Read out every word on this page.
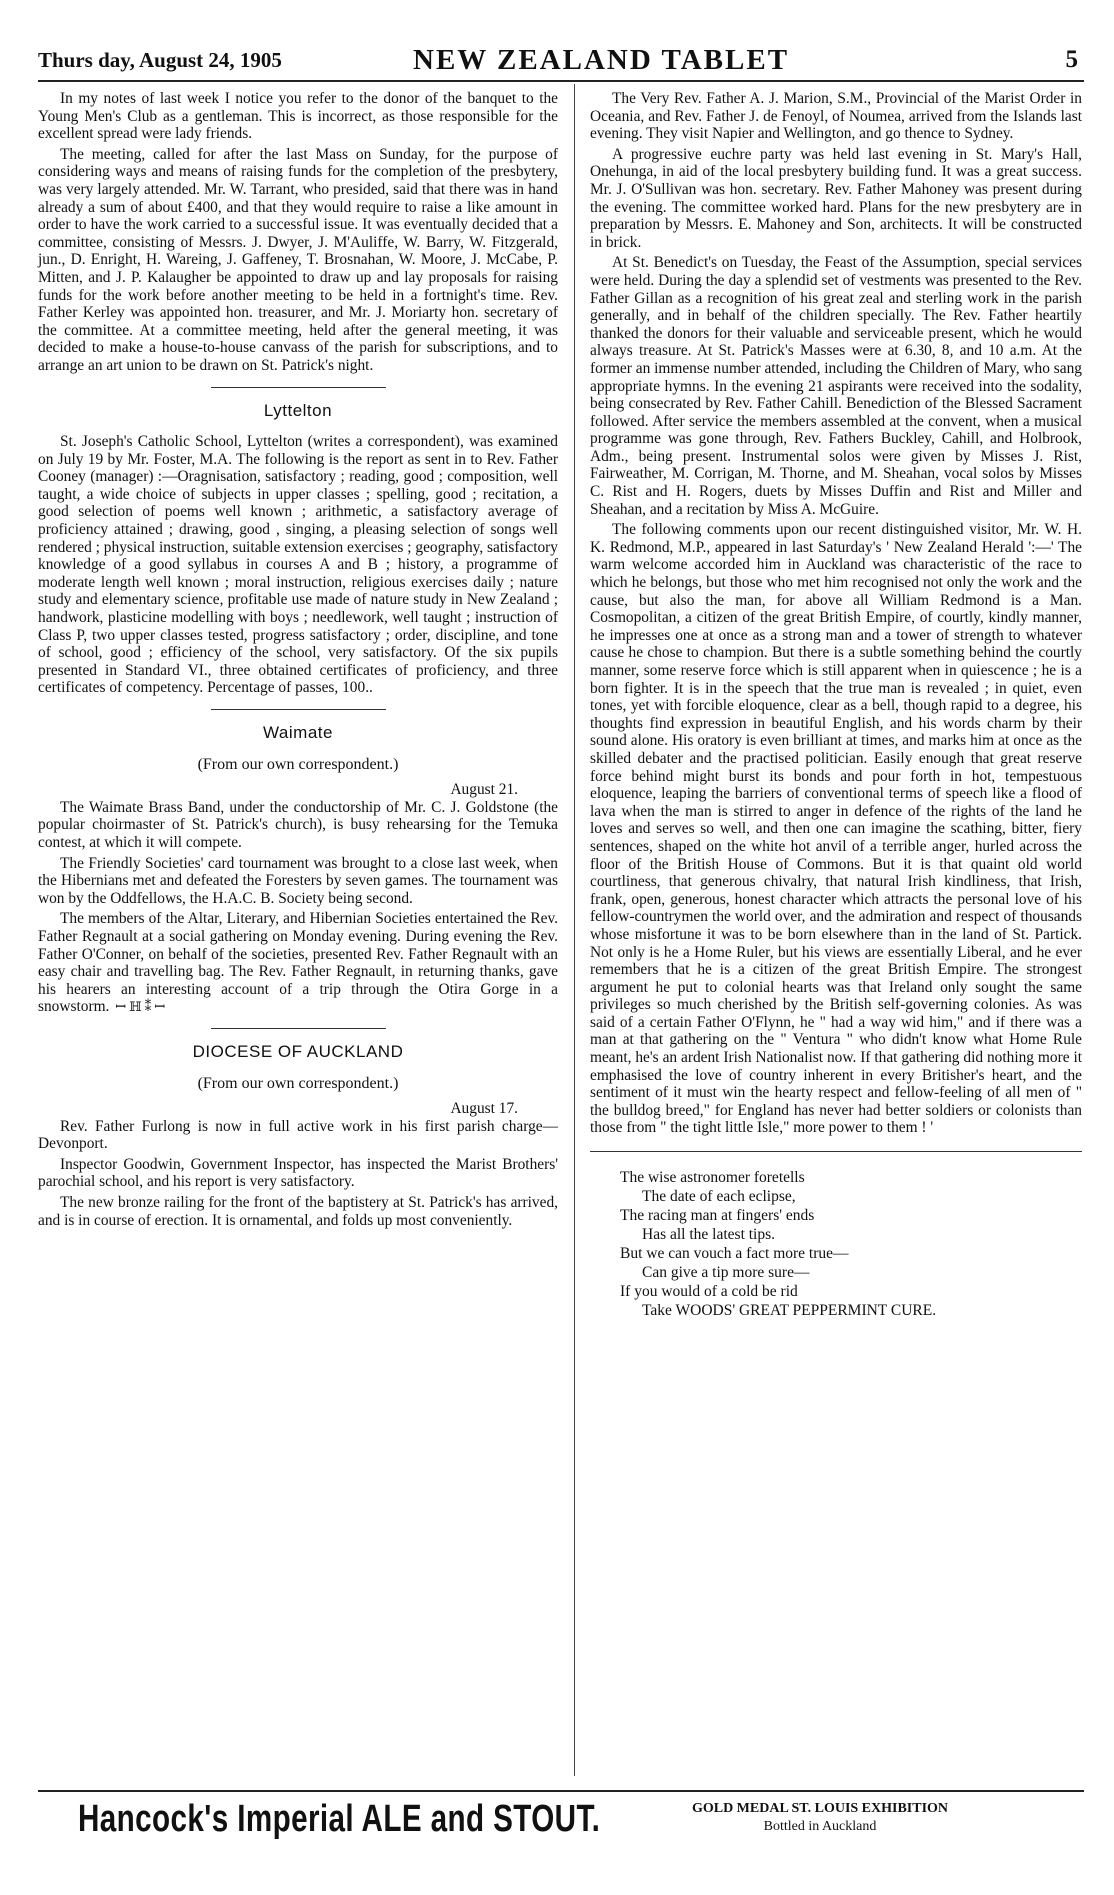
Thurs day, August 24, 1905	NEW ZEALAND TABLET	5

In my notes of last week I notice you refer to the donor of the banquet to the Young Men's Club as a gentleman. This is incorrect, as those responsible for the excellent spread were lady friends.

The meeting, called for after the last Mass on Sunday, for the purpose of considering ways and means of raising funds for the completion of the presbytery, was very largely attended. Mr. W. Tarrant, who presided, said that there was in hand already a sum of about £400, and that they would require to raise a like amount in order to have the work carried to a successful issue. It was eventually decided that a committee, consisting of Messrs. J. Dwyer, J. M'Auliffe, W. Barry, W. Fitzgerald, jun., D. Enright, H. Wareing, J. Gaffeney, T. Brosnahan, W. Moore, J. McCabe, P. Mitten, and J. P. Kalaugher be appointed to draw up and lay proposals for raising funds for the work before another meeting to be held in a fortnight's time. Rev. Father Kerley was appointed hon. treasurer, and Mr. J. Moriarty hon. secretary of the committee. At a committee meeting, held after the general meeting, it was decided to make a house-to-house canvass of the parish for subscriptions, and to arrange an art union to be drawn on St. Patrick's night.

Lyttelton

St. Joseph's Catholic School, Lyttelton (writes a correspondent), was examined on July 19 by Mr. Foster, M.A. The following is the report as sent in to Rev. Father Cooney (manager) :—Oragnisation, satisfactory ; reading, good ; composition, well taught, a wide choice of subjects in upper classes ; spelling, good ; recitation, a good selection of poems well known ; arithmetic, a satisfactory average of proficiency attained ; drawing, good , singing, a pleasing selection of songs well rendered ; physical instruction, suitable extension exercises ; geography, satisfactory knowledge of a good syllabus in courses A and B ; history, a programme of moderate length well known ; moral instruction, religious exercises daily ; nature study and elementary science, profitable use made of nature study in New Zealand ; handwork, plasticine modelling with boys ; needlework, well taught ; instruction of Class P, two upper classes tested, progress satisfactory ; order, discipline, and tone of school, good ; efficiency of the school, very satisfactory. Of the six pupils presented in Standard VI., three obtained certificates of proficiency, and three certificates of competency. Percentage of passes, 100..

Waimate
(From our own correspondent.)
August 21.

The Waimate Brass Band, under the conductorship of Mr. C. J. Goldstone (the popular choirmaster of St. Patrick's church), is busy rehearsing for the Temuka contest, at which it will compete.

The Friendly Societies' card tournament was brought to a close last week, when the Hibernians met and defeated the Foresters by seven games. The tournament was won by the Oddfellows, the H.A.C. B. Society being second.

The members of the Altar, Literary, and Hibernian Societies entertained the Rev. Father Regnault at a social gathering on Monday evening. During evening the Rev. Father O'Conner, on behalf of the societies, presented Rev. Father Regnault with an easy chair and travelling bag. The Rev. Father Regnault, in returning thanks, gave his hearers an interesting account of a trip through the Otira Gorge in a snowstorm. ꟷ ℍ ⁑ ꟷ

DIOCESE OF AUCKLAND
(From our own correspondent.)
August 17.

Rev. Father Furlong is now in full active work in his first parish charge—Devonport.

Inspector Goodwin, Government Inspector, has inspected the Marist Brothers' parochial school, and his report is very satisfactory.

The new bronze railing for the front of the baptistery at St. Patrick's has arrived, and is in course of erection. It is ornamental, and folds up most conveniently.

The Very Rev. Father A. J. Marion, S.M., Provincial of the Marist Order in Oceania, and Rev. Father J. de Fenoyl, of Noumea, arrived from the Islands last evening. They visit Napier and Wellington, and go thence to Sydney.

A progressive euchre party was held last evening in St. Mary's Hall, Onehunga, in aid of the local presbytery building fund. It was a great success. Mr. J. O'Sullivan was hon. secretary. Rev. Father Mahoney was present during the evening. The committee worked hard. Plans for the new presbytery are in preparation by Messrs. E. Mahoney and Son, architects. It will be constructed in brick.

At St. Benedict's on Tuesday, the Feast of the Assumption, special services were held. During the day a splendid set of vestments was presented to the Rev. Father Gillan as a recognition of his great zeal and sterling work in the parish generally, and in behalf of the children specially. The Rev. Father heartily thanked the donors for their valuable and serviceable present, which he would always treasure. At St. Patrick's Masses were at 6.30, 8, and 10 a.m. At the former an immense number attended, including the Children of Mary, who sang appropriate hymns. In the evening 21 aspirants were received into the sodality, being consecrated by Rev. Father Cahill. Benediction of the Blessed Sacrament followed. After service the members assembled at the convent, when a musical programme was gone through, Rev. Fathers Buckley, Cahill, and Holbrook, Adm., being present. Instrumental solos were given by Misses J. Rist, Fairweather, M. Corrigan, M. Thorne, and M. Sheahan, vocal solos by Misses C. Rist and H. Rogers, duets by Misses Duffin and Rist and Miller and Sheahan, and a recitation by Miss A. McGuire.

The following comments upon our recent distinguished visitor, Mr. W. H. K. Redmond, M.P., appeared in last Saturday's ' New Zealand Herald ':—' The warm welcome accorded him in Auckland was characteristic of the race to which he belongs, but those who met him recognised not only the work and the cause, but also the man, for above all William Redmond is a Man. Cosmopolitan, a citizen of the great British Empire, of courtly, kindly manner, he impresses one at once as a strong man and a tower of strength to whatever cause he chose to champion. But there is a subtle something behind the courtly manner, some reserve force which is still apparent when in quiescence ; he is a born fighter. It is in the speech that the true man is revealed ; in quiet, even tones, yet with forcible eloquence, clear as a bell, though rapid to a degree, his thoughts find expression in beautiful English, and his words charm by their sound alone. His oratory is even brilliant at times, and marks him at once as the skilled debater and the practised politician. Easily enough that great reserve force behind might burst its bonds and pour forth in hot, tempestuous eloquence, leaping the barriers of conventional terms of speech like a flood of lava when the man is stirred to anger in defence of the rights of the land he loves and serves so well, and then one can imagine the scathing, bitter, fiery sentences, shaped on the white hot anvil of a terrible anger, hurled across the floor of the British House of Commons. But it is that quaint old world courtliness, that generous chivalry, that natural Irish kindliness, that Irish, frank, open, generous, honest character which attracts the personal love of his fellow-countrymen the world over, and the admiration and respect of thousands whose misfortune it was to be born elsewhere than in the land of St. Partick. Not only is he a Home Ruler, but his views are essentially Liberal, and he ever remembers that he is a citizen of the great British Empire. The strongest argument he put to colonial hearts was that Ireland only sought the same privileges so much cherished by the British self-governing colonies. As was said of a certain Father O'Flynn, he " had a way wid him," and if there was a man at that gathering on the " Ventura " who didn't know what Home Rule meant, he's an ardent Irish Nationalist now. If that gathering did nothing more it emphasised the love of country inherent in every Britisher's heart, and the sentiment of it must win the hearty respect and fellow-feeling of all men of " the bulldog breed," for England has never had better soldiers or colonists than those from " the tight little Isle," more power to them ! '

The wise astronomer foretells
The date of each eclipse,
The racing man at fingers' ends
Has all the latest tips.
But we can vouch a fact more true—
Can give a tip more sure—
If you would of a cold be rid
Take WOODS' GREAT PEPPERMINT CURE.
Hancock's Imperial ALE and STOUT.	GOLD MEDAL ST. LOUIS EXHIBITION
Bottled in Auckland
